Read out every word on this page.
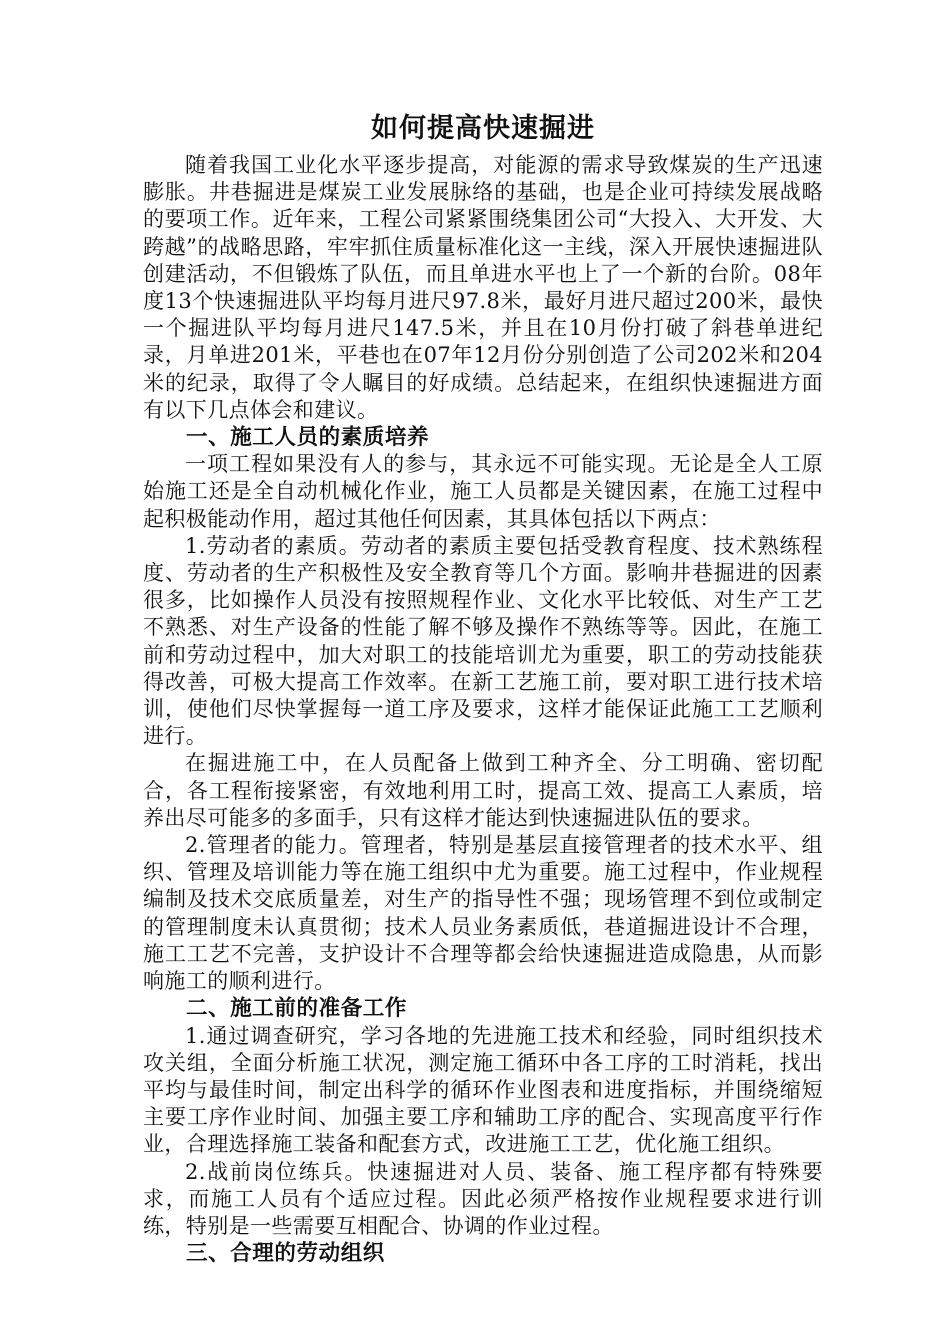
如何提高快速掘进

随着我国工业化水平逐步提高，对能源的需求导致煤炭的生产迅速膨胀。井巷掘进是煤炭工业发展脉络的基础，也是企业可持续发展战略的要项工作。近年来，工程公司紧紧围绕集团公司“大投入、大开发、大跨越”的战略思路，牢牢抓住质量标准化这一主线，深入开展快速掘进队创建活动，不但锻炼了队伍，而且单进水平也上了一个新的台阶。08年度13个快速掘进队平均每月进尺97.8米，最好月进尺超过200米，最快一个掘进队平均每月进尺147.5米，并且在10月份打破了斜巷单进纪录，月单进201米，平巷也在07年12月份分别创造了公司202米和204米的纪录，取得了令人瞩目的好成绩。总结起来，在组织快速掘进方面有以下几点体会和建议。

一、施工人员的素质培养

一项工程如果没有人的参与，其永远不可能实现。无论是全人工原始施工还是全自动机械化作业，施工人员都是关键因素，在施工过程中起积极能动作用，超过其他任何因素，其具体包括以下两点：

1.劳动者的素质。劳动者的素质主要包括受教育程度、技术熟练程度、劳动者的生产积极性及安全教育等几个方面。影响井巷掘进的因素很多，比如操作人员没有按照规程作业、文化水平比较低、对生产工艺不熟悉、对生产设备的性能了解不够及操作不熟练等等。因此，在施工前和劳动过程中，加大对职工的技能培训尤为重要，职工的劳动技能获得改善，可极大提高工作效率。在新工艺施工前，要对职工进行技术培训，使他们尽快掌握每一道工序及要求，这样才能保证此施工工艺顺利进行。

在掘进施工中，在人员配备上做到工种齐全、分工明确、密切配合，各工程衔接紧密，有效地利用工时，提高工效、提高工人素质，培养出尽可能多的多面手，只有这样才能达到快速掘进队伍的要求。

2.管理者的能力。管理者，特别是基层直接管理者的技术水平、组织、管理及培训能力等在施工组织中尤为重要。施工过程中，作业规程编制及技术交底质量差，对生产的指导性不强；现场管理不到位或制定的管理制度未认真贯彻；技术人员业务素质低，巷道掘进设计不合理，施工工艺不完善，支护设计不合理等都会给快速掘进造成隐患，从而影响施工的顺利进行。

二、施工前的准备工作

1.通过调查研究，学习各地的先进施工技术和经验，同时组织技术攻关组，全面分析施工状况，测定施工循环中各工序的工时消耗，找出平均与最佳时间，制定出科学的循环作业图表和进度指标，并围绕缩短主要工序作业时间、加强主要工序和辅助工序的配合、实现高度平行作业，合理选择施工装备和配套方式，改进施工工艺，优化施工组织。

2.战前岗位练兵。快速掘进对人员、装备、施工程序都有特殊要求，而施工人员有个适应过程。因此必须严格按作业规程要求进行训练，特别是一些需要互相配合、协调的作业过程。

三、合理的劳动组织
